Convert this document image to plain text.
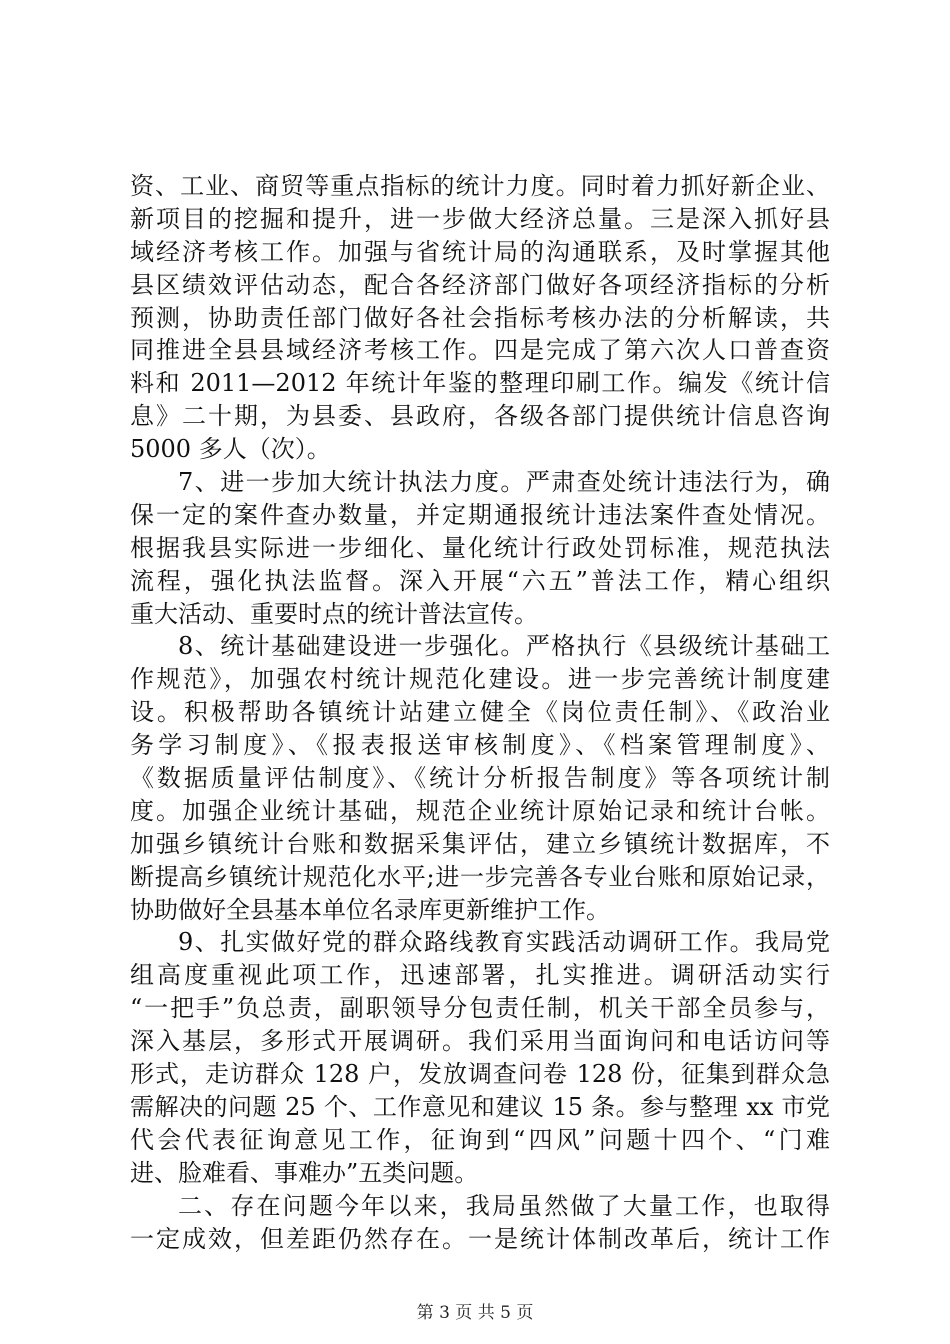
资、工业、商贸等重点指标的统计力度。同时着力抓好新企业、
新项目的挖掘和提升，进一步做大经济总量。三是深入抓好县
域经济考核工作。加强与省统计局的沟通联系，及时掌握其他
县区绩效评估动态，配合各经济部门做好各项经济指标的分析
预测，协助责任部门做好各社会指标考核办法的分析解读，共
同推进全县县域经济考核工作。四是完成了第六次人口普查资
料和 2011—2012 年统计年鉴的整理印刷工作。编发《统计信
息》二十期，为县委、县政府，各级各部门提供统计信息咨询
5000 多人（次）。
7、进一步加大统计执法力度。严肃查处统计违法行为，确
保一定的案件查办数量，并定期通报统计违法案件查处情况。
根据我县实际进一步细化、量化统计行政处罚标准，规范执法
流程，强化执法监督。深入开展“六五”普法工作，精心组织
重大活动、重要时点的统计普法宣传。
8、统计基础建设进一步强化。严格执行《县级统计基础工
作规范》，加强农村统计规范化建设。进一步完善统计制度建
设。积极帮助各镇统计站建立健全《岗位责任制》、《政治业
务学习制度》、《报表报送审核制度》、《档案管理制度》、
《数据质量评估制度》、《统计分析报告制度》等各项统计制
度。加强企业统计基础，规范企业统计原始记录和统计台帐。
加强乡镇统计台账和数据采集评估，建立乡镇统计数据库，不
断提高乡镇统计规范化水平;进一步完善各专业台账和原始记录，
协助做好全县基本单位名录库更新维护工作。
9、扎实做好党的群众路线教育实践活动调研工作。我局党
组高度重视此项工作，迅速部署，扎实推进。调研活动实行
“一把手”负总责，副职领导分包责任制，机关干部全员参与，
深入基层，多形式开展调研。我们采用当面询问和电话访问等
形式，走访群众 128 户，发放调查问卷 128 份，征集到群众急
需解决的问题 25 个、工作意见和建议 15 条。参与整理 xx 市党
代会代表征询意见工作，征询到“四风”问题十四个、“门难
进、脸难看、事难办”五类问题。
二、存在问题今年以来，我局虽然做了大量工作，也取得
一定成效，但差距仍然存在。一是统计体制改革后，统计工作
第 3 页 共 5 页
